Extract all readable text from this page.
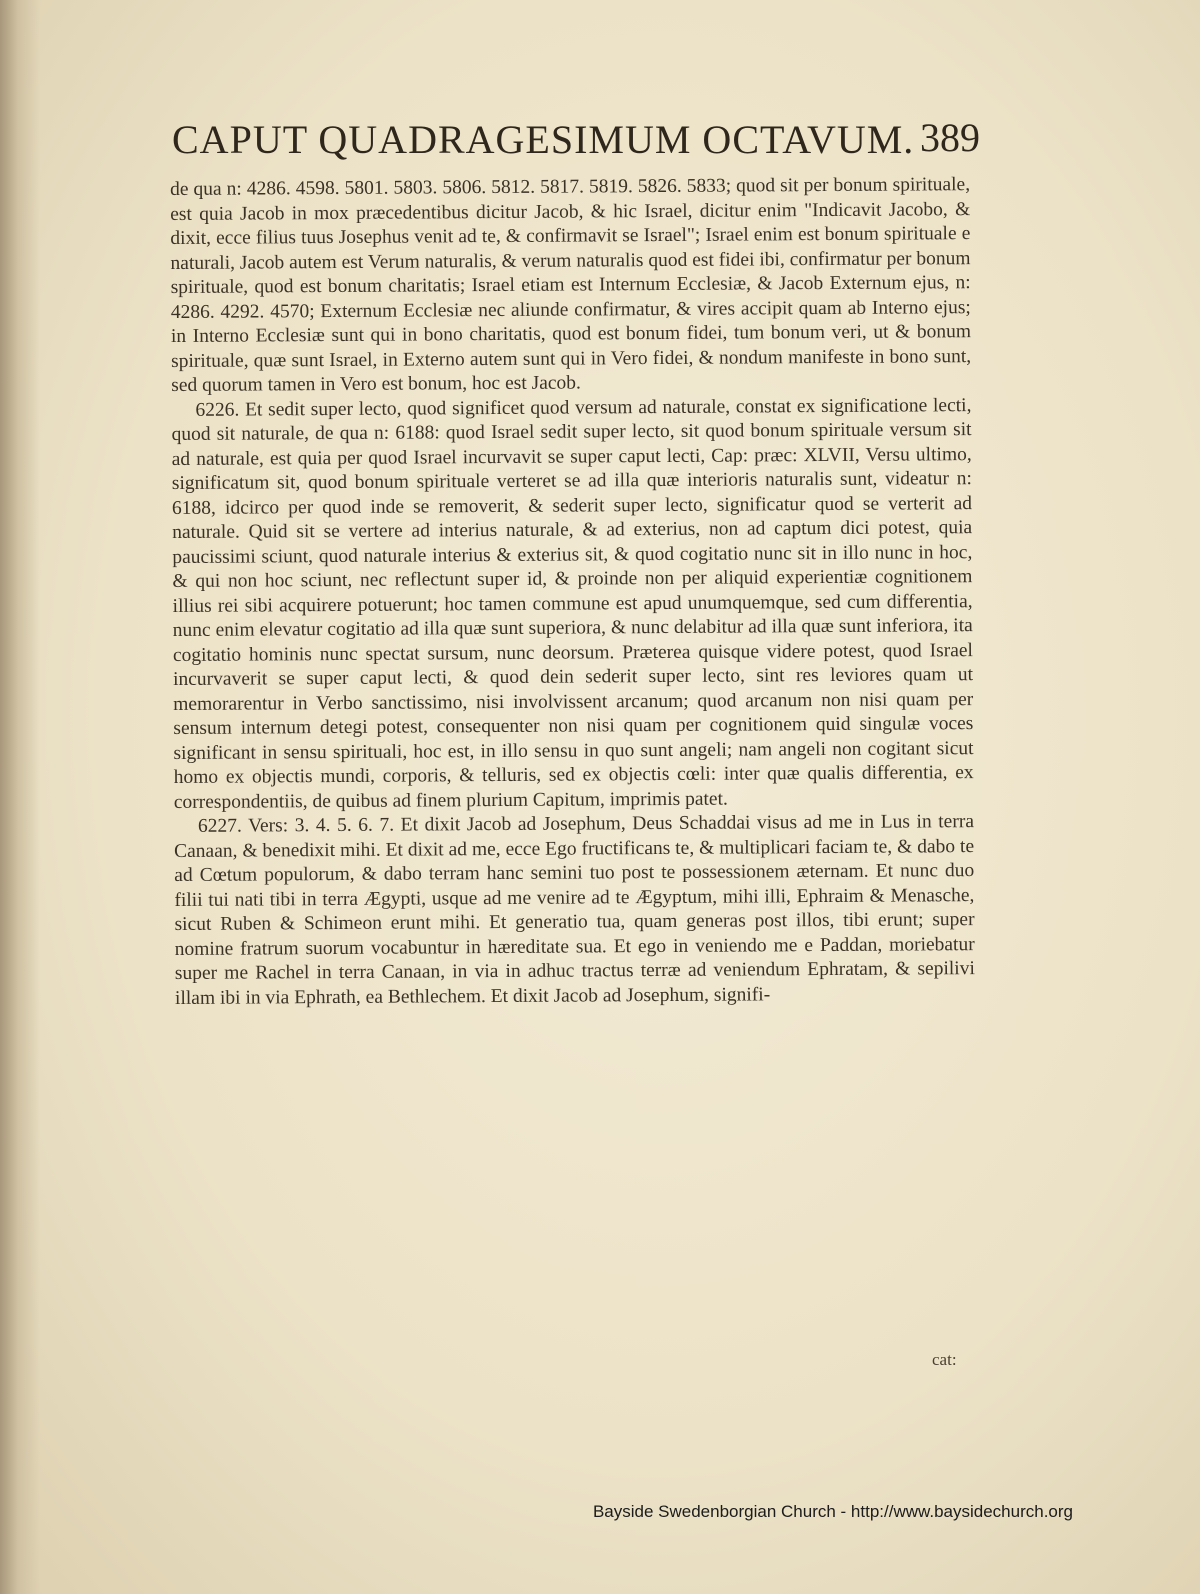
CAPUT QUADRAGESIMUM OCTAVUM. 389

de qua n: 4286. 4598. 5801. 5803. 5806. 5812. 5817. 5819. 5826. 5833; quod sit per bonum spirituale, est quia Jacob in mox præcedentibus dicitur Jacob, & hic Israel, dicitur enim "Indicavit Jacobo, & dixit, ecce filius tuus Josephus venit ad te, & confirmavit se Israel"; Israel enim est bonum spirituale e naturali, Jacob autem est Verum naturalis, & verum naturalis quod est fidei ibi, confirmatur per bonum spirituale, quod est bonum charitatis; Israel etiam est Internum Ecclesiæ, & Jacob Externum ejus, n: 4286. 4292. 4570; Externum Ecclesiæ nec aliunde confirmatur, & vires accipit quam ab Interno ejus; in Interno Ecclesiæ sunt qui in bono charitatis, quod est bonum fidei, tum bonum veri, ut & bonum spirituale, quæ sunt Israel, in Externo autem sunt qui in Vero fidei, & nondum manifeste in bono sunt, sed quorum tamen in Vero est bonum, hoc est Jacob.

6226. Et sedit super lecto, quod significet quod versum ad naturale, constat ex significatione lecti, quod sit naturale, de qua n: 6188: quod Israel sedit super lecto, sit quod bonum spirituale versum sit ad naturale, est quia per quod Israel incurvavit se super caput lecti, Cap: præc: XLVII, Versu ultimo, significatum sit, quod bonum spirituale verteret se ad illa quæ interioris naturalis sunt, videatur n: 6188, idcirco per quod inde se removerit, & sederit super lecto, significatur quod se verterit ad naturale. Quid sit se vertere ad interius naturale, & ad exterius, non ad captum dici potest, quia paucissimi sciunt, quod naturale interius & exterius sit, & quod cogitatio nunc sit in illo nunc in hoc, & qui non hoc sciunt, nec reflectunt super id, & proinde non per aliquid experientiæ cognitionem illius rei sibi acquirere potuerunt; hoc tamen commune est apud unumquemque, sed cum differentia, nunc enim elevatur cogitatio ad illa quæ sunt superiora, & nunc delabitur ad illa quæ sunt inferiora, ita cogitatio hominis nunc spectat sursum, nunc deorsum. Præterea quisque videre potest, quod Israel incurvaverit se super caput lecti, & quod dein sederit super lecto, sint res leviores quam ut memorarentur in Verbo sanctissimo, nisi involvissent arcanum; quod arcanum non nisi quam per sensum internum detegi potest, consequenter non nisi quam per cognitionem quid singulæ voces significant in sensu spirituali, hoc est, in illo sensu in quo sunt angeli; nam angeli non cogitant sicut homo ex objectis mundi, corporis, & telluris, sed ex objectis cœli: inter quæ qualis differentia, ex correspondentiis, de quibus ad finem plurium Capitum, imprimis patet.

6227. Vers: 3. 4. 5. 6. 7. Et dixit Jacob ad Josephum, Deus Schaddai visus ad me in Lus in terra Canaan, & benedixit mihi. Et dixit ad me, ecce Ego fructificans te, & multiplicari faciam te, & dabo te ad Cœtum populorum, & dabo terram hanc semini tuo post te possessionem æternam. Et nunc duo filii tui nati tibi in terra Ægypti, usque ad me venire ad te Ægyptum, mihi illi, Ephraim & Menasche, sicut Ruben & Schimeon erunt mihi. Et generatio tua, quam generas post illos, tibi erunt; super nomine fratrum suorum vocabuntur in hæreditate sua. Et ego in veniendo me e Paddan, moriebatur super me Rachel in terra Canaan, in via in adhuc tractus terræ ad veniendum Ephratam, & sepilivi illam ibi in via Ephrath, ea Bethlechem. Et dixit Jacob ad Josephum, signifi-

cat:
Bayside Swedenborgian Church - http://www.baysidechurch.org
